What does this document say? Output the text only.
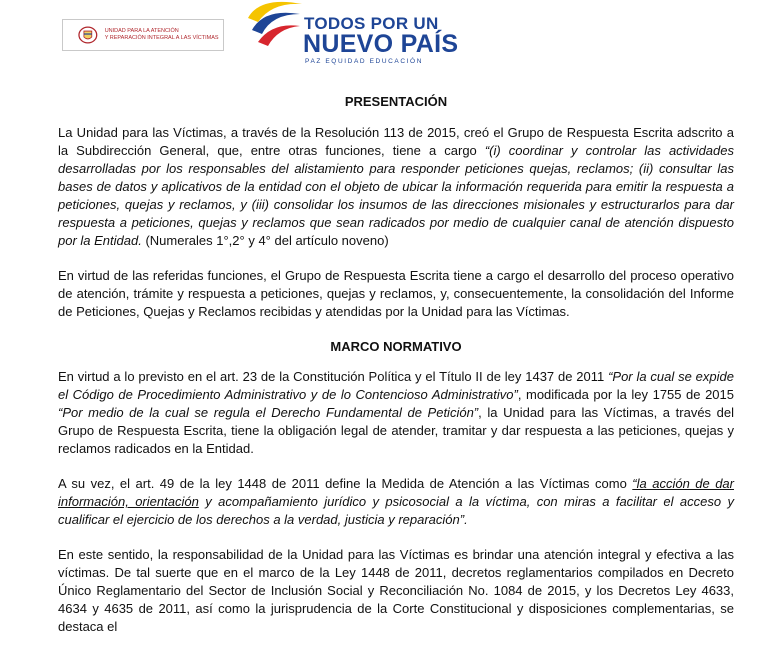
UNIDAD PARA LA ATENCIÓN
Y REPARACIÓN INTEGRAL A LAS VÍCTIMAS
TODOS POR UN
NUEVO PAÍS
PAZ EQUIDAD EDUCACIÓN
PRESENTACIÓN

La Unidad para las Víctimas, a través de la Resolución 113 de 2015, creó el Grupo de Respuesta Escrita adscrito a la Subdirección General, que, entre otras funciones, tiene a cargo “(i) coordinar y controlar las actividades desarrolladas por los responsables del alistamiento para responder peticiones quejas, reclamos; (ii) consultar las bases de datos y aplicativos de la entidad con el objeto de ubicar la información requerida para emitir la respuesta a peticiones, quejas y reclamos, y (iii) consolidar los insumos de las direcciones misionales y estructurarlos para dar respuesta a peticiones, quejas y reclamos que sean radicados por medio de cualquier canal de atención dispuesto por la Entidad. (Numerales 1°,2° y 4° del artículo noveno)

En virtud de las referidas funciones, el Grupo de Respuesta Escrita tiene a cargo el desarrollo del proceso operativo de atención, trámite y respuesta a peticiones, quejas y reclamos, y, consecuentemente, la consolidación del Informe de Peticiones, Quejas y Reclamos recibidas y atendidas por la Unidad para las Víctimas.

MARCO NORMATIVO

En virtud a lo previsto en el art. 23 de la Constitución Política y el Título II de ley 1437 de 2011 “Por la cual se expide el Código de Procedimiento Administrativo y de lo Contencioso Administrativo”, modificada por la ley 1755 de 2015 “Por medio de la cual se regula el Derecho Fundamental de Petición”, la Unidad para las Víctimas, a través del Grupo de Respuesta Escrita, tiene la obligación legal de atender, tramitar y dar respuesta a las peticiones, quejas y reclamos radicados en la Entidad.

A su vez, el art. 49 de la ley 1448 de 2011 define la Medida de Atención a las Víctimas como “la acción de dar información, orientación y acompañamiento jurídico y psicosocial a la víctima, con miras a facilitar el acceso y cualificar el ejercicio de los derechos a la verdad, justicia y reparación”.

En este sentido, la responsabilidad de la Unidad para las Víctimas es brindar una atención integral y efectiva a las víctimas. De tal suerte que en el marco de la Ley 1448 de 2011, decretos reglamentarios compilados en Decreto Único Reglamentario del Sector de Inclusión Social y Reconciliación No. 1084 de 2015, y los Decretos Ley 4633, 4634 y 4635 de 2011, así como la jurisprudencia de la Corte Constitucional y disposiciones complementarias, se destaca el
